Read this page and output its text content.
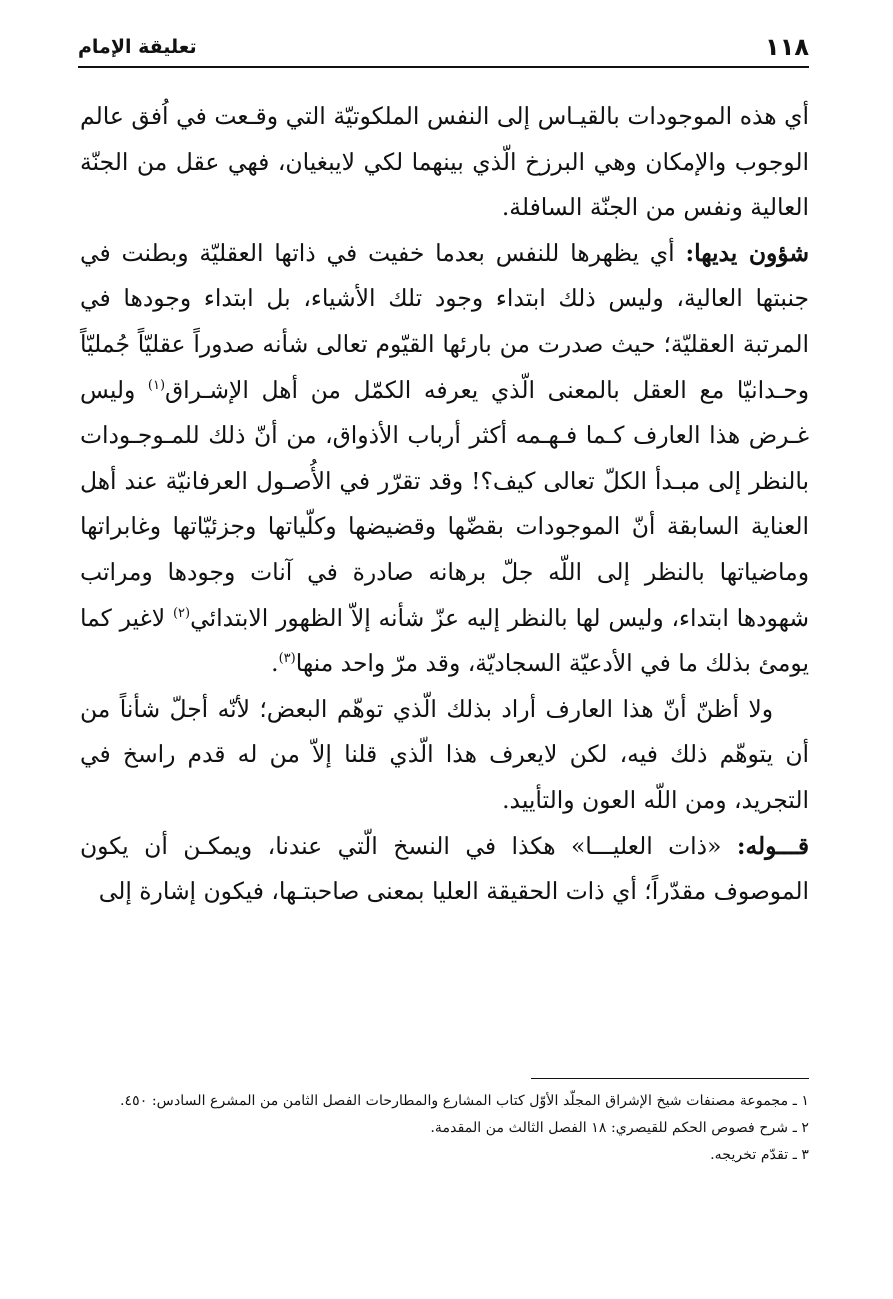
١١٨
تعليقة الإمام

أي هذه الموجودات بالقيـاس إلى النفس الملكوتيّة التي وقـعت في اُفق عالم الوجوب والإمكان وهي البرزخ الّذي بينهما لكي لايبغيان، فهي عقل من الجنّة العالية ونفس من الجنّة السافلة.

شؤون يديها: أي يظهرها للنفس بعدما خفيت في ذاتها العقليّة وبطنت في جنبتها العالية، وليس ذلك ابتداء وجود تلك الأشياء، بل ابتداء وجودها في المرتبة العقليّة؛ حيث صدرت من بارئها القيّوم تعالى شأنه صدوراً عقليّاً جُمليّاً وحـدانيّا مع العقل بالمعنى الّذي يعرفه الكمّل من أهل الإشـراق$^{(١)}$ وليس غـرض هذا العارف كـما فـهـمه أكثر أرباب الأذواق، من أنّ ذلك للمـوجـودات بالنظر إلى مبـدأ الكلّ تعالى كيف؟! وقد تقرّر في الأُصـول العرفانيّة عند أهل العناية السابقة أنّ الموجودات بقضّها وقضيضها وكلّياتها وجزئيّاتها وغابراتها وماضياتها بالنظر إلى اللّه جلّ برهانه صادرة في آنات وجودها ومراتب شهودها ابتداء، وليس لها بالنظر إليه عزّ شأنه إلاّ الظهور الابتدائي$^{(٢)}$ لاغير كما يومئ بذلك ما في الأدعيّة السجاديّة، وقد مرّ واحد منها$^{(٣)}$.

ولا أظنّ أنّ هذا العارف أراد بذلك الّذي توهّم البعض؛ لأنّه أجلّ شأناً من أن يتوهّم ذلك فيه، لكن لايعرف هذا الّذي قلنا إلاّ من له قدم راسخ في التجريد، ومن اللّه العون والتأييد.

قـــوله: «ذات العليـــا» هكذا في النسخ الّتي عندنا، ويمكـن أن يكون الموصوف مقدّراً؛ أي ذات الحقيقة العليا بمعنى صاحبتـها، فيكون إشارة إلى

١ ـ مجموعة مصنفات شيخ الإشراق المجلّد الأوّل كتاب المشارع والمطارحات الفصل الثامن من المشرع السادس: ٤٥٠.

٢ ـ شرح فصوص الحكم للقيصري: ١٨ الفصل الثالث من المقدمة.

٣ ـ تقدّم تخريجه.
